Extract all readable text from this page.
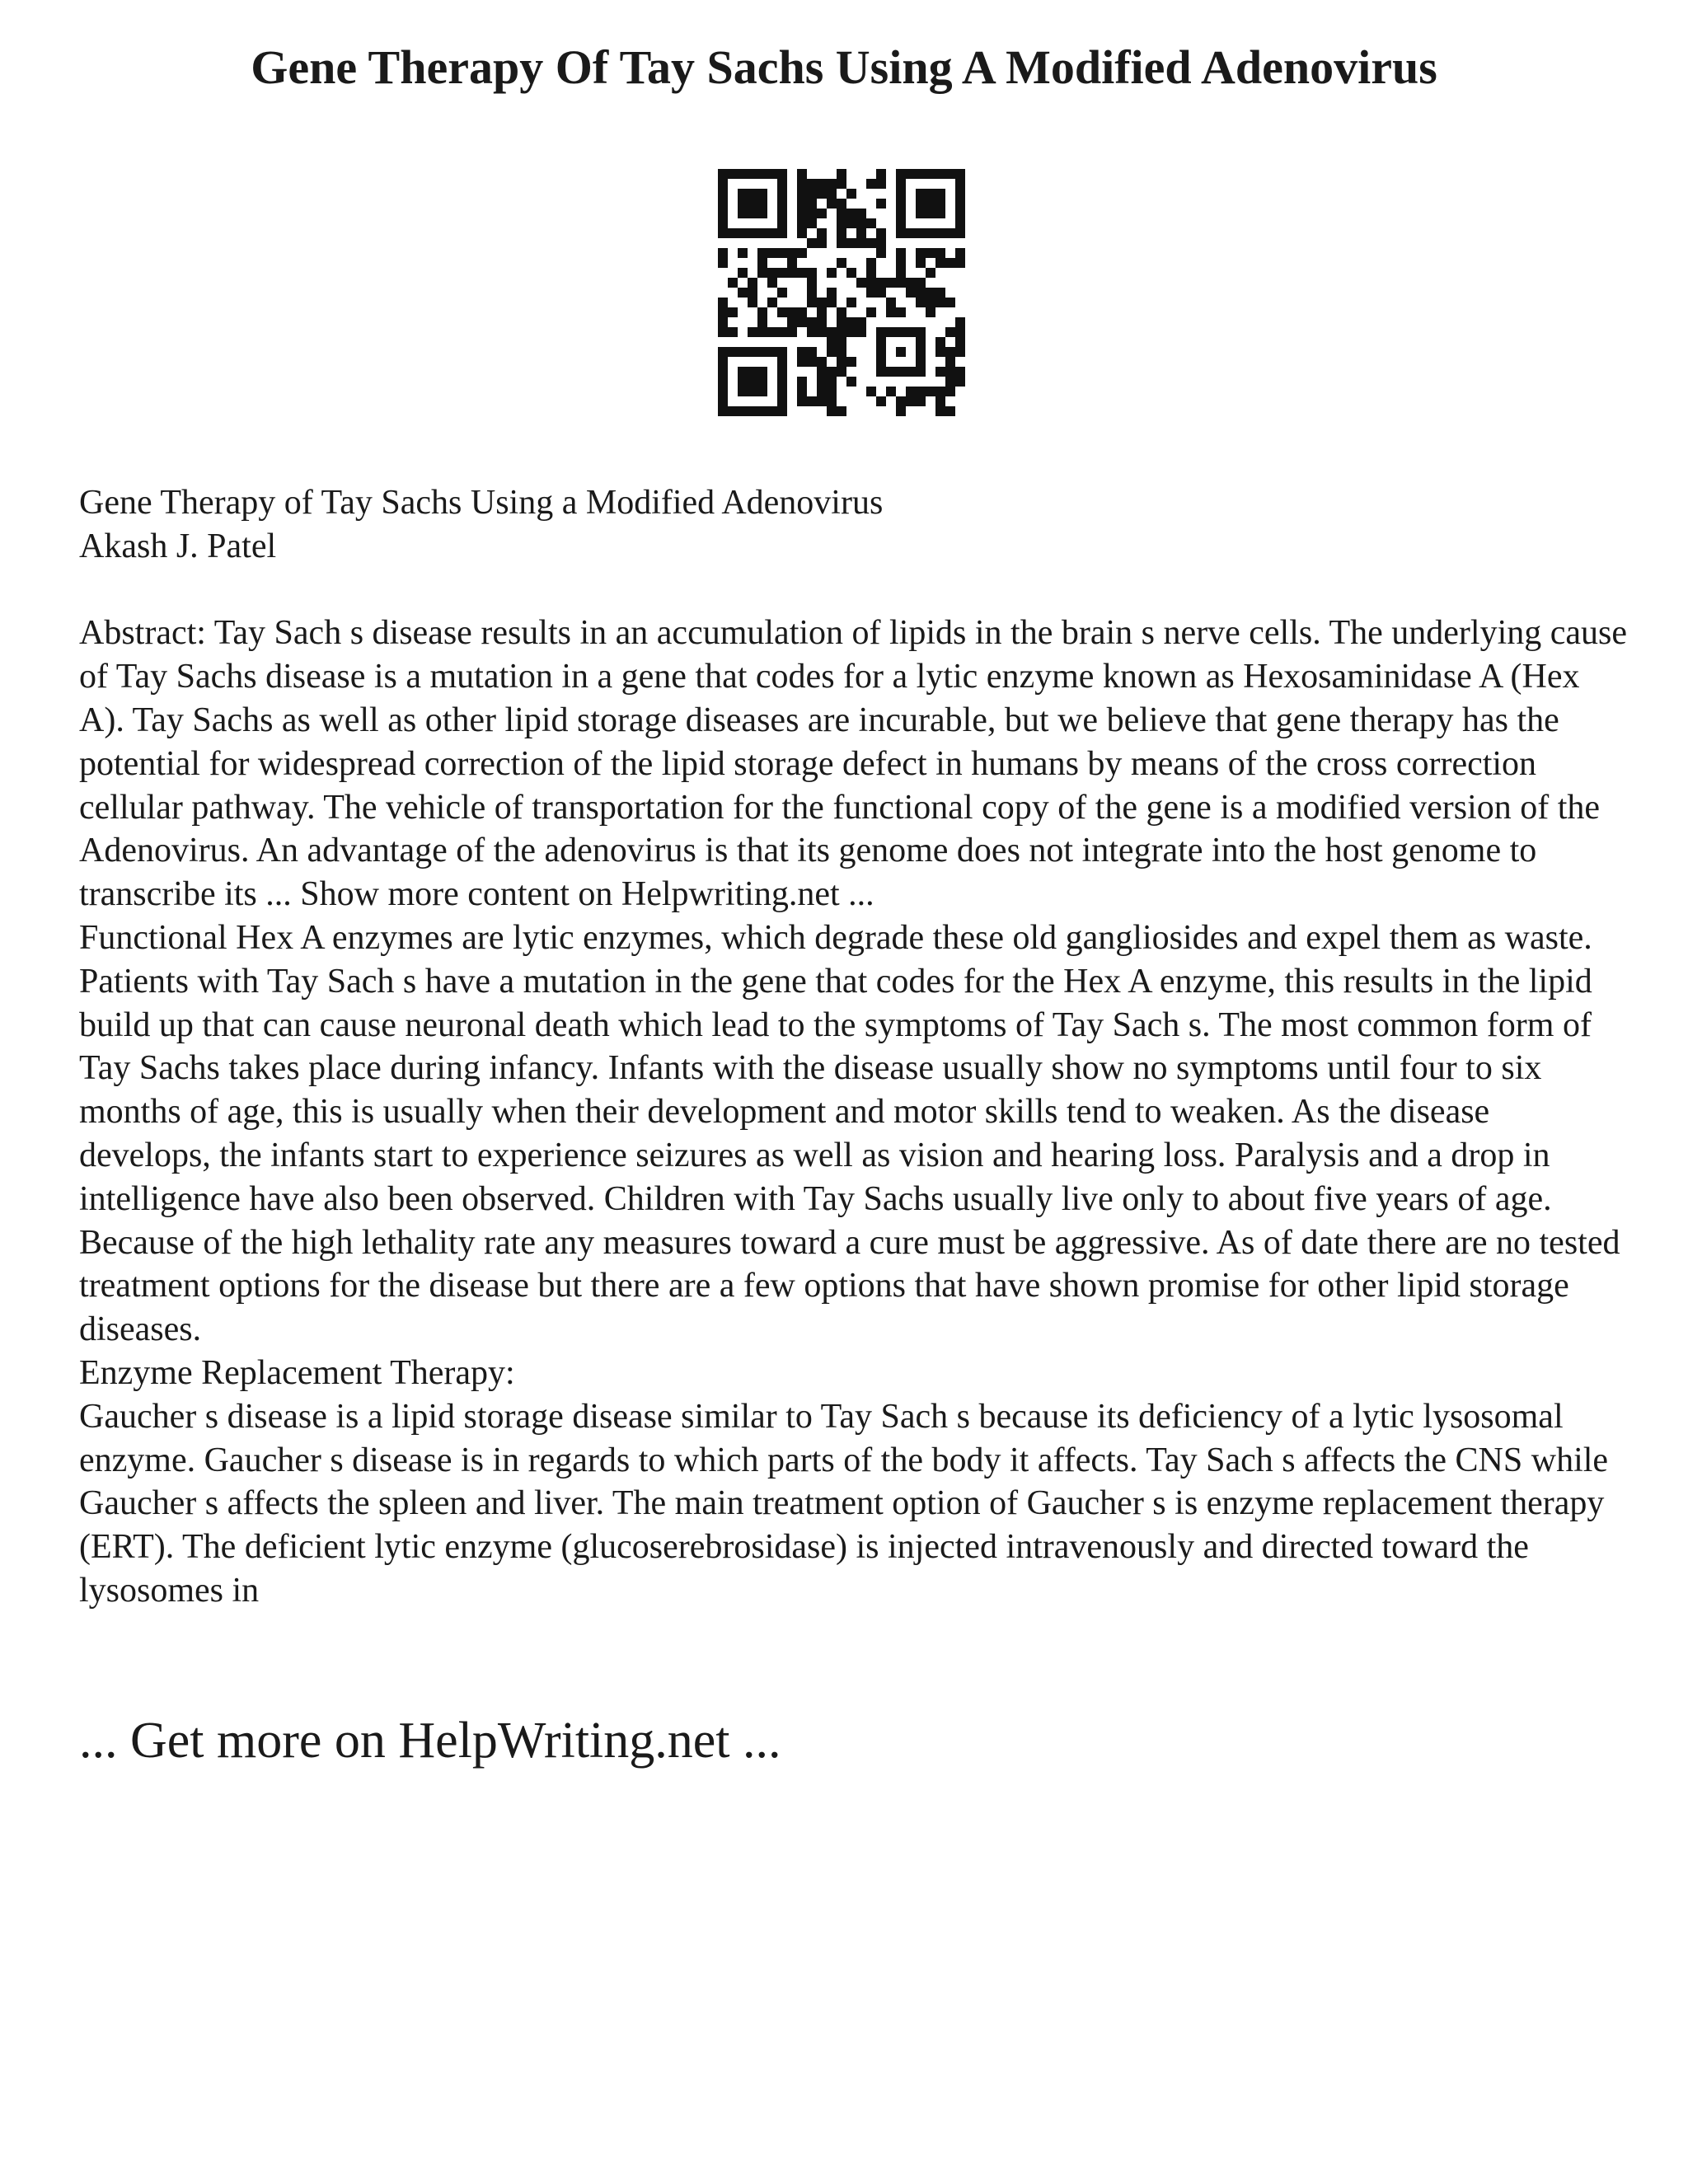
Gene Therapy Of Tay Sachs Using A Modified Adenovirus

Gene Therapy of Tay Sachs Using a Modified Adenovirus

Akash J. Patel

Abstract: Tay Sach s disease results in an accumulation of lipids in the brain s nerve cells. The underlying cause of Tay Sachs disease is a mutation in a gene that codes for a lytic enzyme known as Hexosaminidase A (Hex A). Tay Sachs as well as other lipid storage diseases are incurable, but we believe that gene therapy has the potential for widespread correction of the lipid storage defect in humans by means of the cross correction cellular pathway. The vehicle of transportation for the functional copy of the gene is a modified version of the Adenovirus. An advantage of the adenovirus is that its genome does not integrate into the host genome to transcribe its ... Show more content on Helpwriting.net ...

Functional Hex A enzymes are lytic enzymes, which degrade these old gangliosides and expel them as waste. Patients with Tay Sach s have a mutation in the gene that codes for the Hex A enzyme, this results in the lipid build up that can cause neuronal death which lead to the symptoms of Tay Sach s. The most common form of Tay Sachs takes place during infancy. Infants with the disease usually show no symptoms until four to six months of age, this is usually when their development and motor skills tend to weaken. As the disease develops, the infants start to experience seizures as well as vision and hearing loss. Paralysis and a drop in intelligence have also been observed. Children with Tay Sachs usually live only to about five years of age. Because of the high lethality rate any measures toward a cure must be aggressive. As of date there are no tested treatment options for the disease but there are a few options that have shown promise for other lipid storage diseases.

Enzyme Replacement Therapy:

Gaucher s disease is a lipid storage disease similar to Tay Sach s because its deficiency of a lytic lysosomal enzyme. Gaucher s disease is in regards to which parts of the body it affects. Tay Sach s affects the CNS while Gaucher s affects the spleen and liver. The main treatment option of Gaucher s is enzyme replacement therapy (ERT). The deficient lytic enzyme (glucoserebrosidase) is injected intravenously and directed toward the lysosomes in

... Get more on HelpWriting.net ...
